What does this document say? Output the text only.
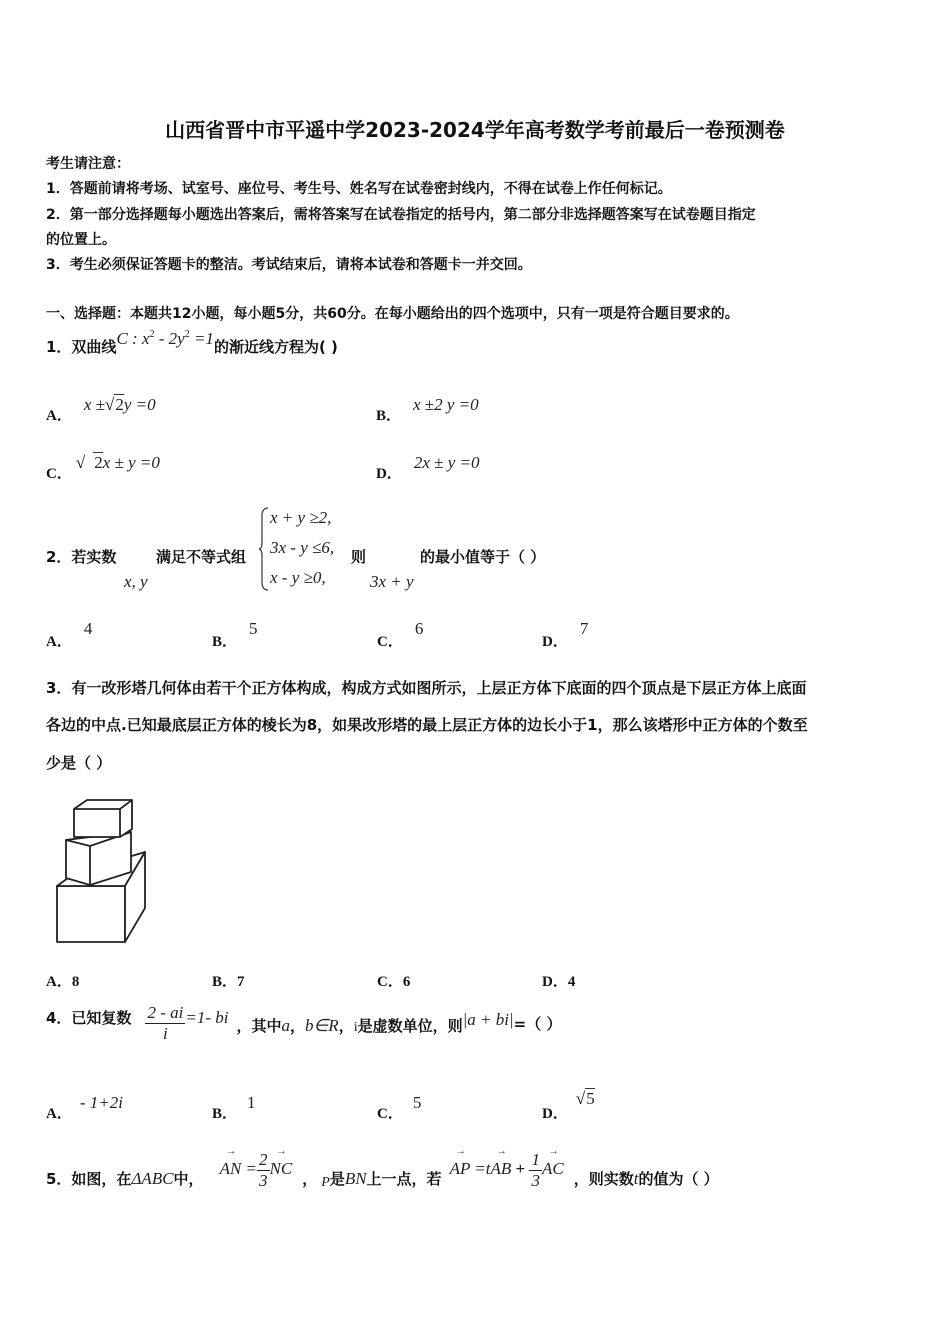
山西省晋中市平遥中学2023-2024学年高考数学考前最后一卷预测卷
考生请注意：
1．答题前请将考场、试室号、座位号、考生号、姓名写在试卷密封线内，不得在试卷上作任何标记。
2．第一部分选择题每小题选出答案后，需将答案写在试卷指定的括号内，第二部分非选择题答案写在试卷题目指定
的位置上。
3．考生必须保证答题卡的整洁。考试结束后，请将本试卷和答题卡一并交回。
一、选择题：本题共12小题，每小题5分，共60分。在每小题给出的四个选项中，只有一项是符合题目要求的。
1．双曲线C : $x^2 - 2y^2 =1$的渐近线方程为( )
A． x ±√2y =0
B． x ±2 y =0
C． √ 2x ± y =0
D． 2x ± y =0
2．若实数
x, y
满足不等式组
x + y ≥2,
3x - y ≤6,
x - y ≥0,
则
3x + y
的最小值等于（ ）
A．4
B．5
C．6
D．7
3．有一改形塔几何体由若干个正方体构成，构成方式如图所示，上层正方体下底面的四个顶点是下层正方体上底面
各边的中点.已知最底层正方体的棱长为8，如果改形塔的最上层正方体的边长小于1，那么该塔形中正方体的个数至
少是（ ）
A．8	B．7	C．6	D．4
4．已知复数 $\frac{2 - ai}{i} =1-$ bi ，其中a，b∈R，i是虚数单位，则|a + bi|=（ ）
A．- 1+2i
B．1
C．5
D．√5
5．如图，在ΔABC中， → AN = $\frac{2}{3}$ → NC ， P是BN上一点，若 → AP =t→ AB + $\frac{1}{3}$ → AC ，则实数t的值为（ ）
